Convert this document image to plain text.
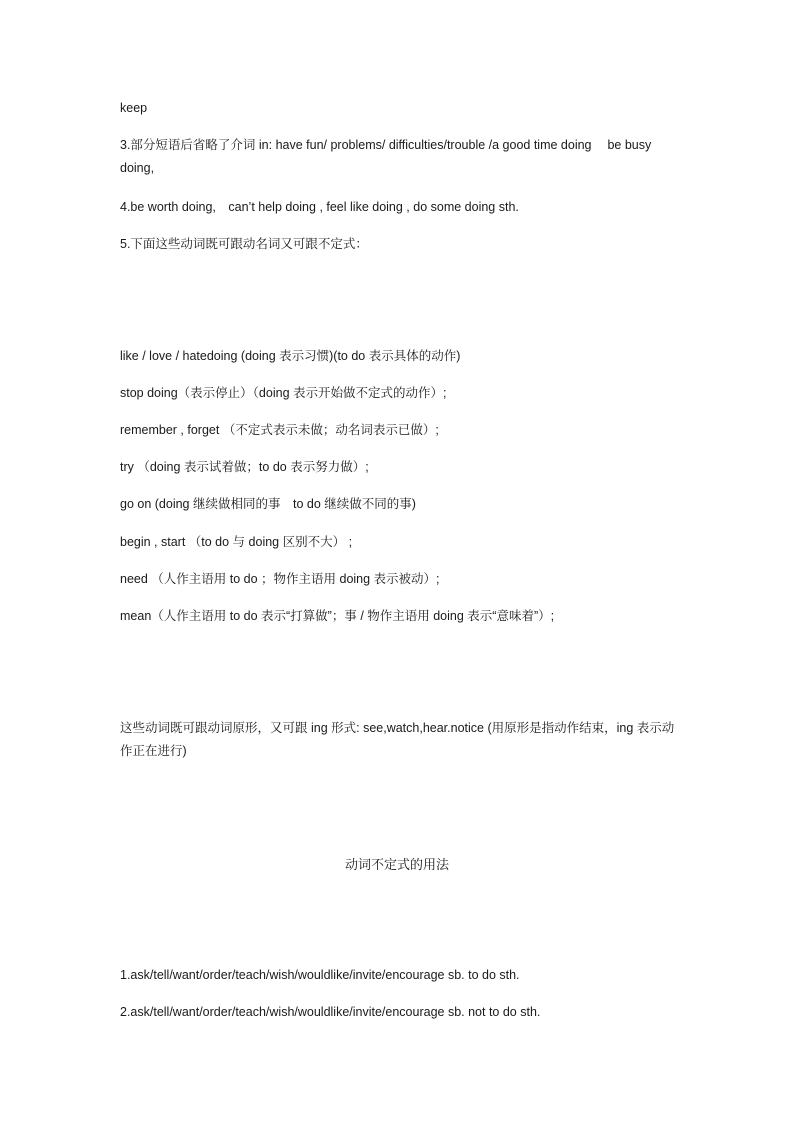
keep
3.部分短语后省略了介词 in: have fun/ problems/ difficulties/trouble /a good time doing　 be busy doing,
4.be worth doing,　can’t help doing , feel like doing , do some doing sth.
5.下面这些动词既可跟动名词又可跟不定式：
like / love / hatedoing (doing 表示习惯)(to do 表示具体的动作)
stop doing（表示停止）（doing 表示开始做不定式的动作）;
remember , forget （不定式表示未做；动名词表示已做）;
try （doing 表示试着做；to do 表示努力做）;
go on (doing 继续做相同的事　to do 继续做不同的事)
begin , start （to do 与 doing 区别不大） ;
need （人作主语用 to do ；物作主语用 doing 表示被动）;
mean（人作主语用 to do 表示“打算做”；事 / 物作主语用 doing 表示“意味着”）;
这些动词既可跟动词原形，又可跟 ing 形式: see,watch,hear.notice (用原形是指动作结束，ing 表示动作正在进行)
动词不定式的用法
1.ask/tell/want/order/teach/wish/wouldlike/invite/encourage sb. to do sth.
2.ask/tell/want/order/teach/wish/wouldlike/invite/encourage sb. not to do sth.
